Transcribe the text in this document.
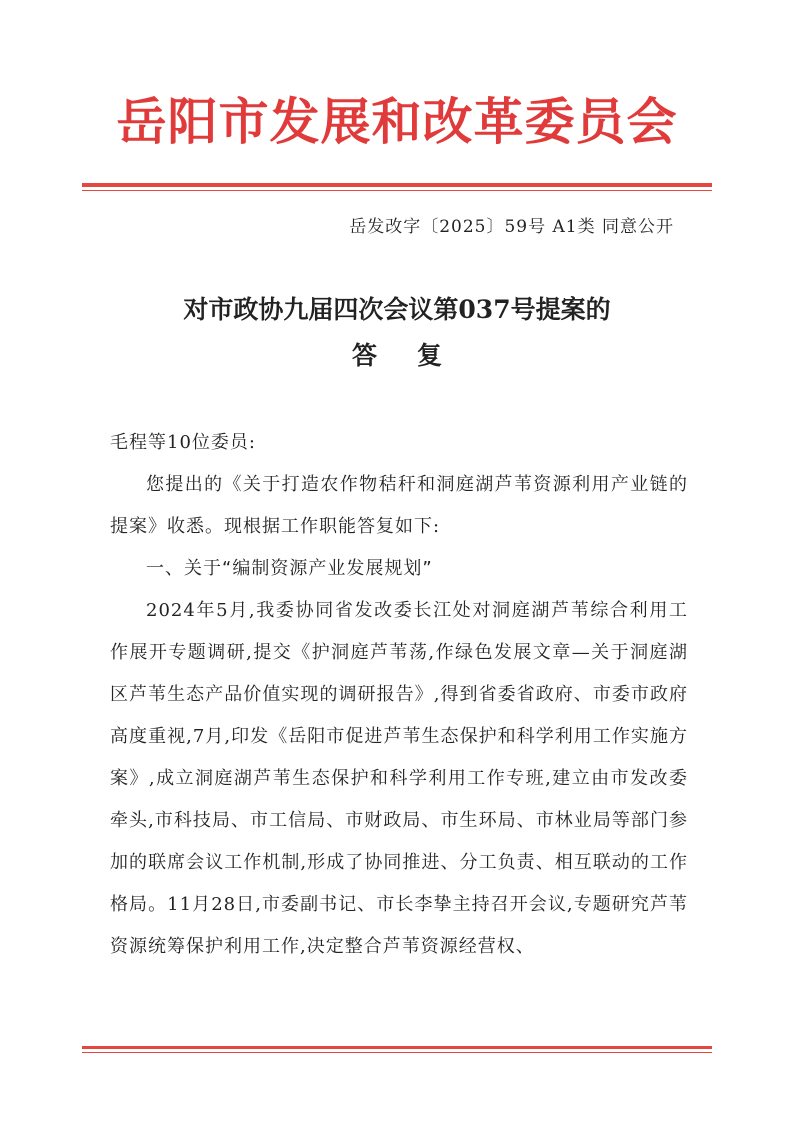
岳阳市发展和改革委员会
岳发改字〔2025〕59号 A1类 同意公开
对市政协九届四次会议第037号提案的
答复

毛程等10位委员:

您提出的《关于打造农作物秸秆和洞庭湖芦苇资源利用产业链的提案》收悉。现根据工作职能答复如下:

一、关于“编制资源产业发展规划”

2024年5月,我委协同省发改委长江处对洞庭湖芦苇综合利用工作展开专题调研,提交《护洞庭芦苇荡,作绿色发展文章—关于洞庭湖区芦苇生态产品价值实现的调研报告》,得到省委省政府、市委市政府高度重视,7月,印发《岳阳市促进芦苇生态保护和科学利用工作实施方案》,成立洞庭湖芦苇生态保护和科学利用工作专班,建立由市发改委牵头,市科技局、市工信局、市财政局、市生环局、市林业局等部门参加的联席会议工作机制,形成了协同推进、分工负责、相互联动的工作格局。11月28日,市委副书记、市长李挚主持召开会议,专题研究芦苇资源统筹保护利用工作,决定整合芦苇资源经营权、
